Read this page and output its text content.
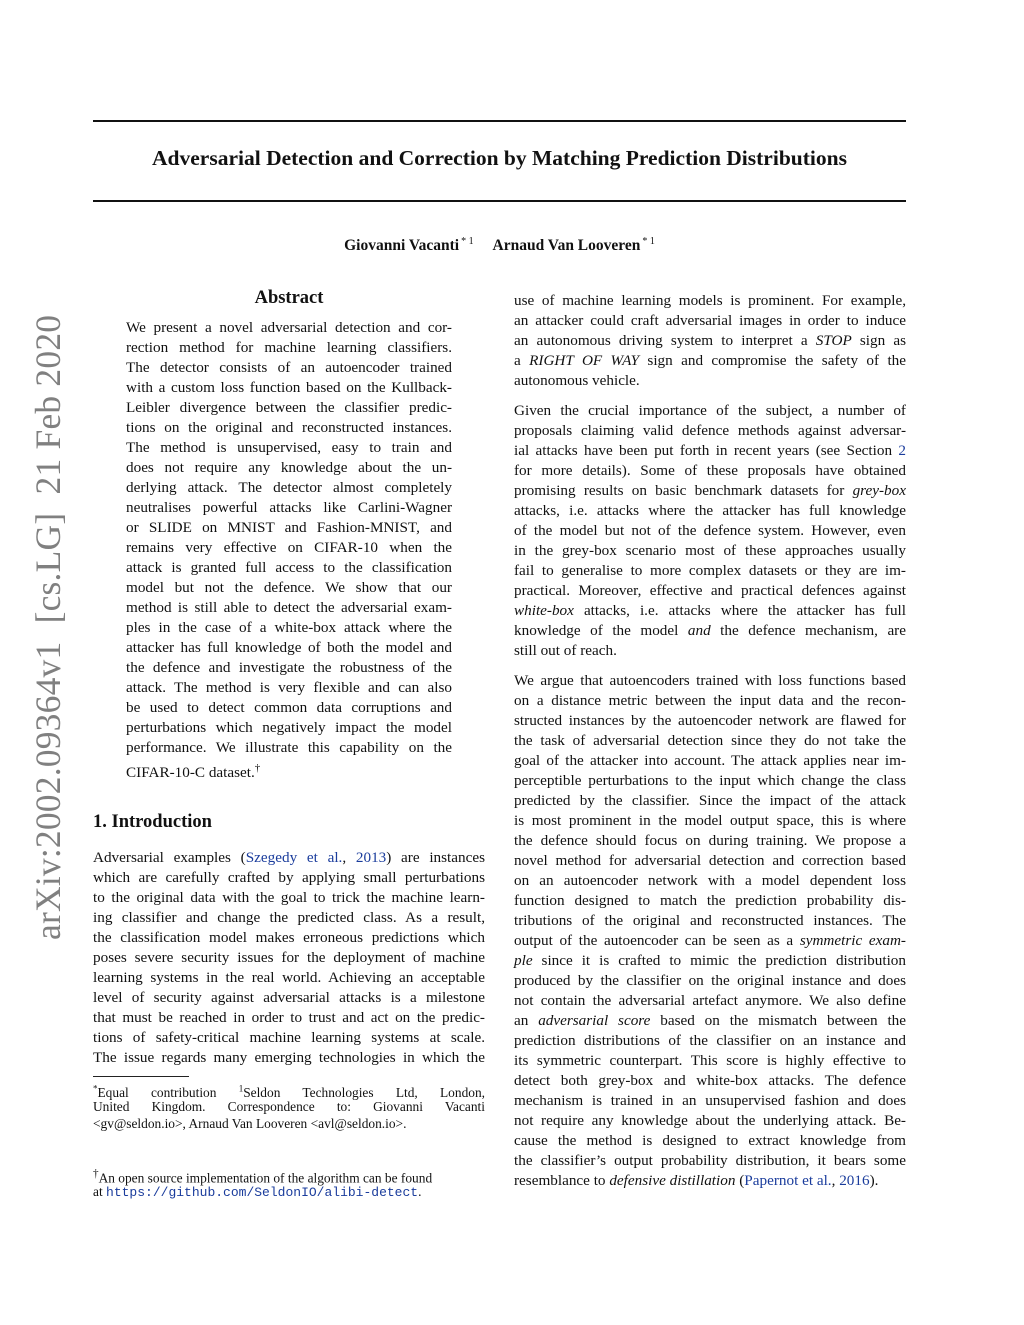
Adversarial Detection and Correction by Matching Prediction Distributions
Giovanni Vacanti $^{* 1}$ Arnaud Van Looveren $^{* 1}$
arXiv:2002.09364v1  [cs.LG]  21 Feb 2020
Abstract
We present a novel adversarial detection and cor-
rection method for machine learning classifiers.
The detector consists of an autoencoder trained
with a custom loss function based on the Kullback-
Leibler divergence between the classifier predic-
tions on the original and reconstructed instances.
The method is unsupervised, easy to train and
does not require any knowledge about the un-
derlying attack. The detector almost completely
neutralises powerful attacks like Carlini-Wagner
or SLIDE on MNIST and Fashion-MNIST, and
remains very effective on CIFAR-10 when the
attack is granted full access to the classification
model but not the defence. We show that our
method is still able to detect the adversarial exam-
ples in the case of a white-box attack where the
attacker has full knowledge of both the model and
the defence and investigate the robustness of the
attack. The method is very flexible and can also
be used to detect common data corruptions and
perturbations which negatively impact the model
performance. We illustrate this capability on the
CIFAR-10-C dataset.†
1. Introduction
Adversarial examples (Szegedy et al., 2013) are instances
which are carefully crafted by applying small perturbations
to the original data with the goal to trick the machine learn-
ing classifier and change the predicted class. As a result,
the classification model makes erroneous predictions which
poses severe security issues for the deployment of machine
learning systems in the real world. Achieving an acceptable
level of security against adversarial attacks is a milestone
that must be reached in order to trust and act on the predic-
tions of safety-critical machine learning systems at scale.
The issue regards many emerging technologies in which the
*Equal contribution $^1$Seldon Technologies Ltd, London,
United Kingdom. Correspondence to: Giovanni Vacanti
<gv@seldon.io>, Arnaud Van Looveren <avl@seldon.io>.
†An open source implementation of the algorithm can be found
at https://github.com/SeldonIO/alibi-detect.
use of machine learning models is prominent. For example,
an attacker could craft adversarial images in order to induce
an autonomous driving system to interpret a STOP sign as
a RIGHT OF WAY sign and compromise the safety of the
autonomous vehicle.
Given the crucial importance of the subject, a number of
proposals claiming valid defence methods against adversar-
ial attacks have been put forth in recent years (see Section 2
for more details). Some of these proposals have obtained
promising results on basic benchmark datasets for grey-box
attacks, i.e. attacks where the attacker has full knowledge
of the model but not of the defence system. However, even
in the grey-box scenario most of these approaches usually
fail to generalise to more complex datasets or they are im-
practical. Moreover, effective and practical defences against
white-box attacks, i.e. attacks where the attacker has full
knowledge of the model and the defence mechanism, are
still out of reach.
We argue that autoencoders trained with loss functions based
on a distance metric between the input data and the recon-
structed instances by the autoencoder network are flawed for
the task of adversarial detection since they do not take the
goal of the attacker into account. The attack applies near im-
perceptible perturbations to the input which change the class
predicted by the classifier. Since the impact of the attack
is most prominent in the model output space, this is where
the defence should focus on during training. We propose a
novel method for adversarial detection and correction based
on an autoencoder network with a model dependent loss
function designed to match the prediction probability dis-
tributions of the original and reconstructed instances. The
output of the autoencoder can be seen as a symmetric exam-
ple since it is crafted to mimic the prediction distribution
produced by the classifier on the original instance and does
not contain the adversarial artefact anymore. We also define
an adversarial score based on the mismatch between the
prediction distributions of the classifier on an instance and
its symmetric counterpart. This score is highly effective to
detect both grey-box and white-box attacks. The defence
mechanism is trained in an unsupervised fashion and does
not require any knowledge about the underlying attack. Be-
cause the method is designed to extract knowledge from
the classifier’s output probability distribution, it bears some
resemblance to defensive distillation (Papernot et al., 2016).
